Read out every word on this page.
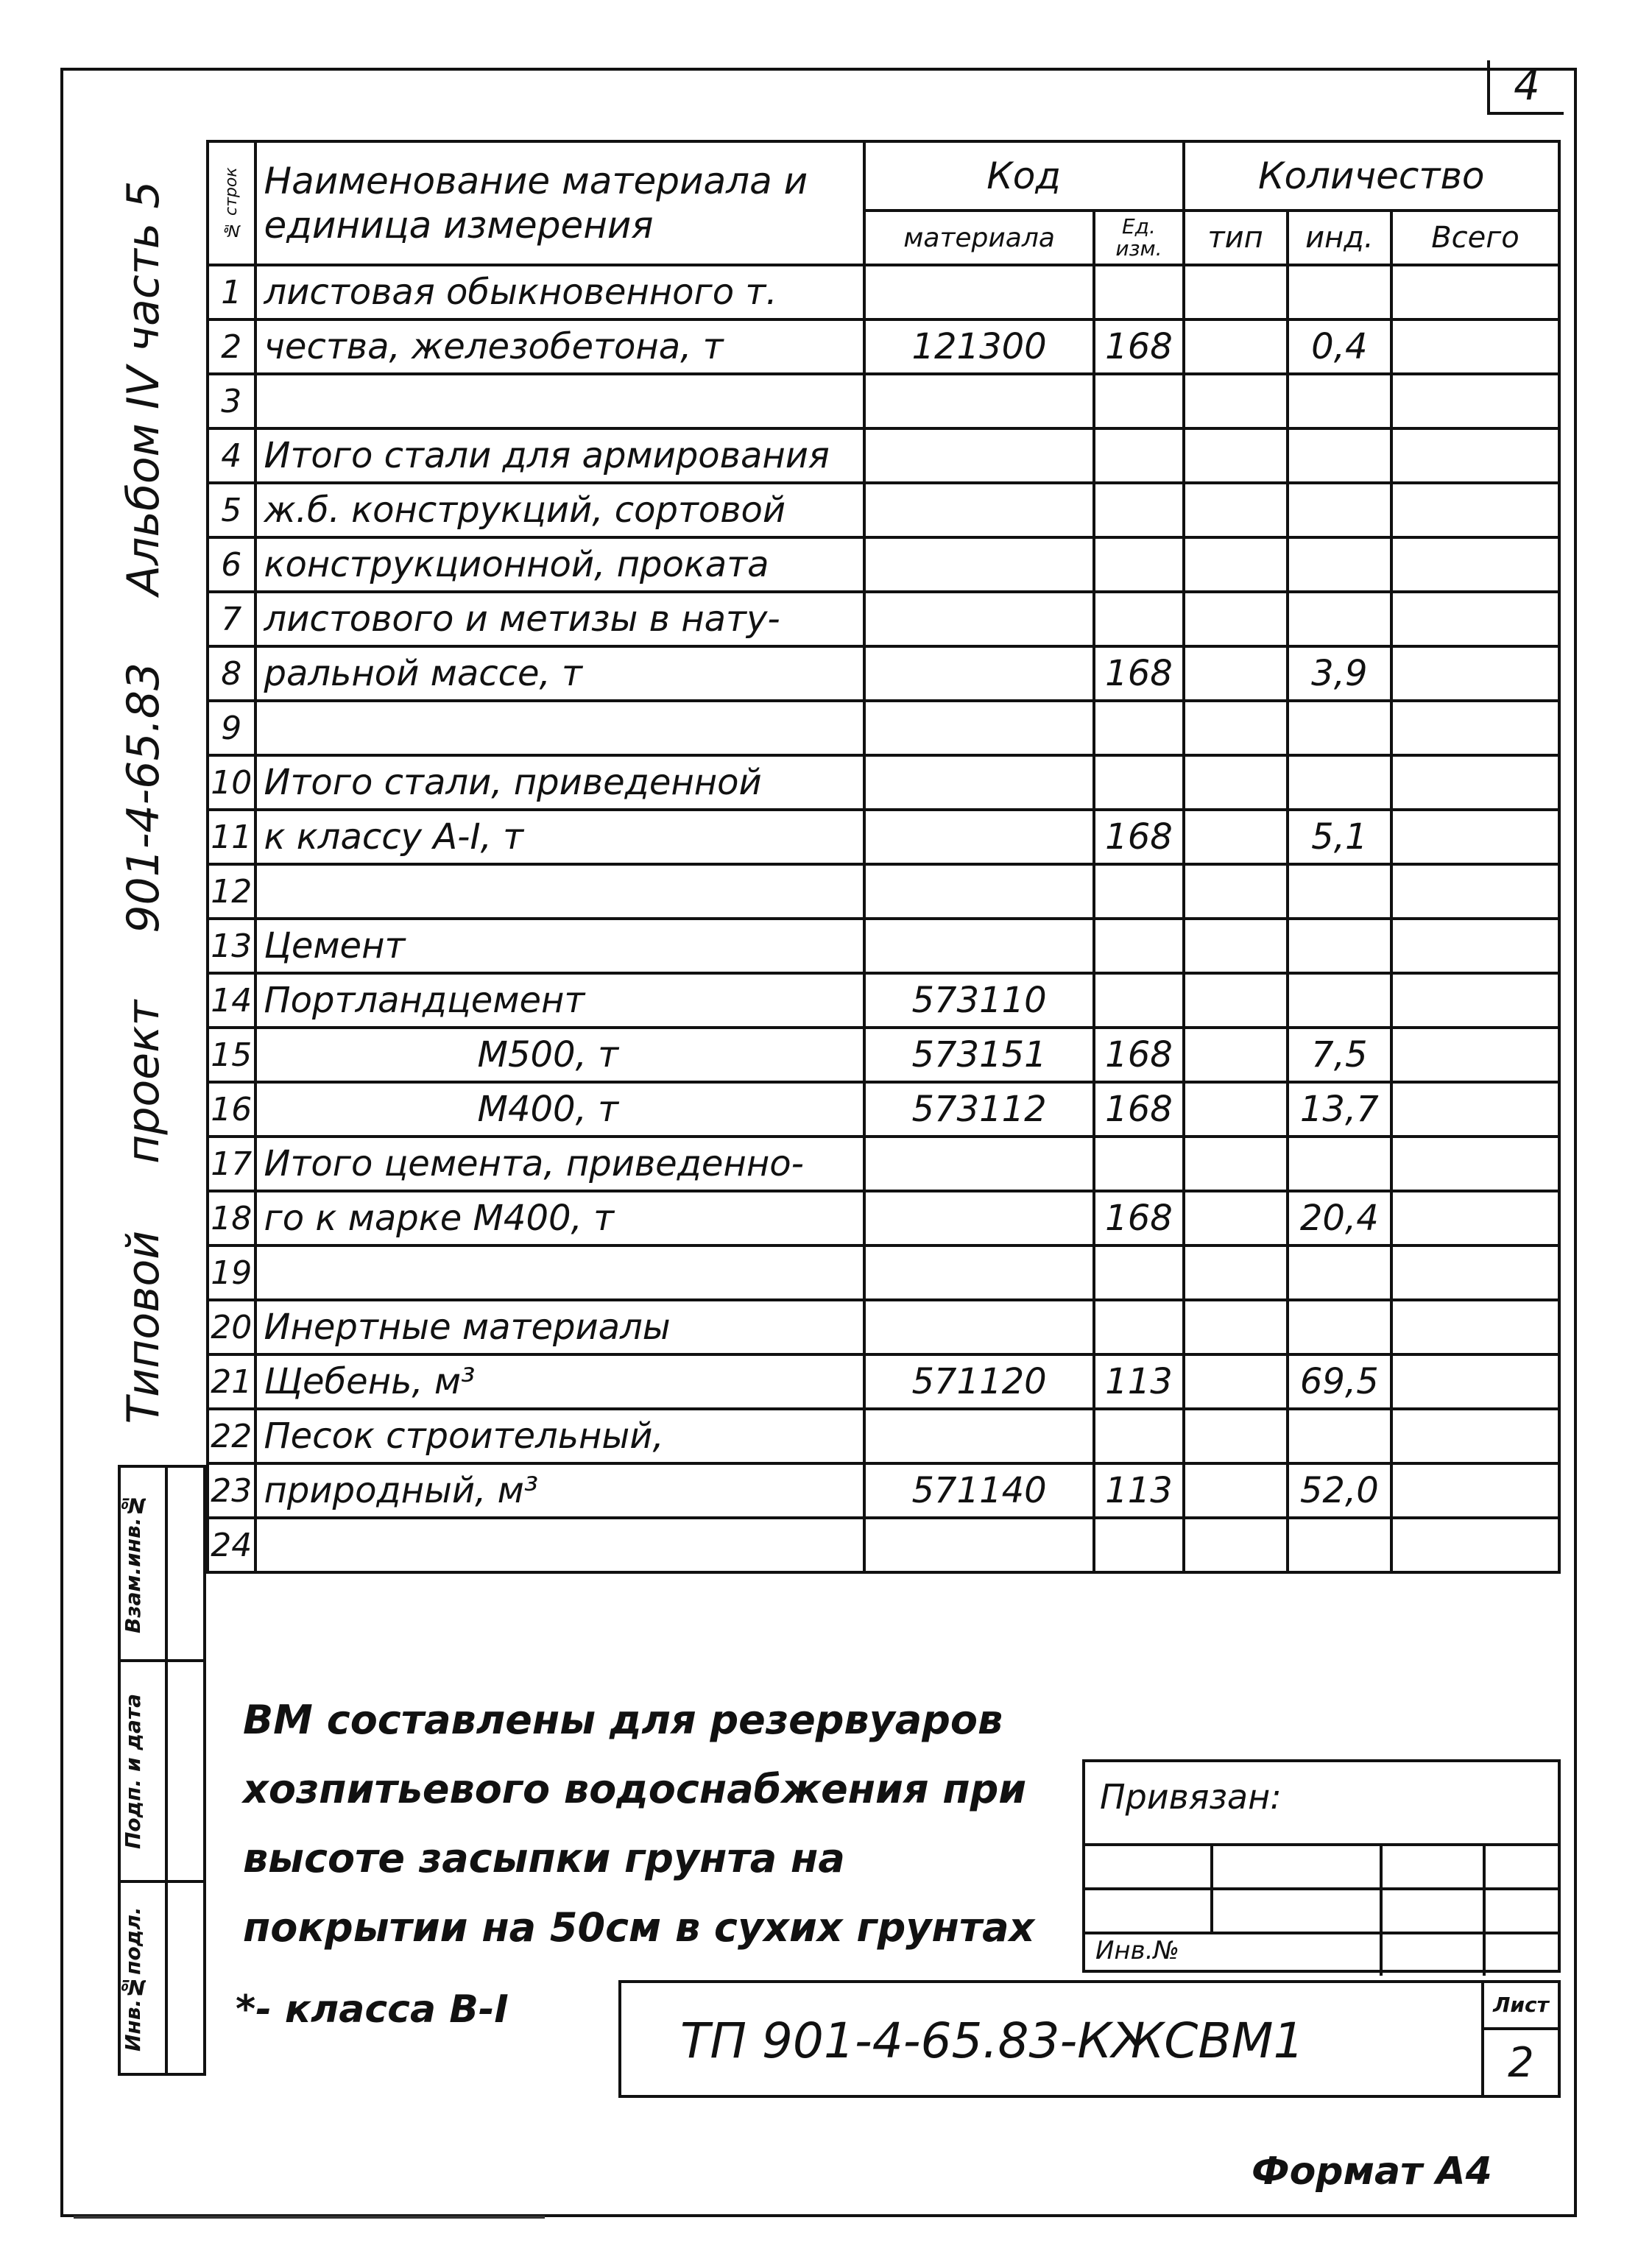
4
Типовой
проект
901-4-65.83
Альбом IV часть 5
Взам.инв.№
Подп. и дата
Инв.№подл.
№ строк	Наименование материала и единица измерения	Код		Количество		
		материала	Ед. изм.	тип	инд.	Всего
1	листовая обыкновенного т.					
2	чества, железобетона, т	121300	168		0,4	
3						
4	Итого стали для армирования					
5	ж.б. конструкций, сортовой					
6	конструкционной, проката					
7	листового и метизы в нату-					
8	ральной массе, т		168		3,9	
9						
10	Итого стали, приведенной					
11	к классу А-I, т		168		5,1	
12						
13	Цемент					
14	Портландцемент	573110				
15	М500, т	573151	168		7,5	
16	М400, т	573112	168		13,7	
17	Итого цемента, приведенно-					
18	го к марке М400, т		168		20,4	
19						
20	Инертные материалы					
21	Щебень, м³	571120	113		69,5	
22	Песок строительный,					
23	природный, м³	571140	113		52,0	
24						
ВМ составлены для резервуаров хозпитьевого водоснабжения при высоте засыпки грунта на покрытии на 50см в сухих грунтах
Привязан:
Инв.№
*- класса В-I
ТП 901-4-65.83-КЖСВМ1
Лист
2
Формат А4
